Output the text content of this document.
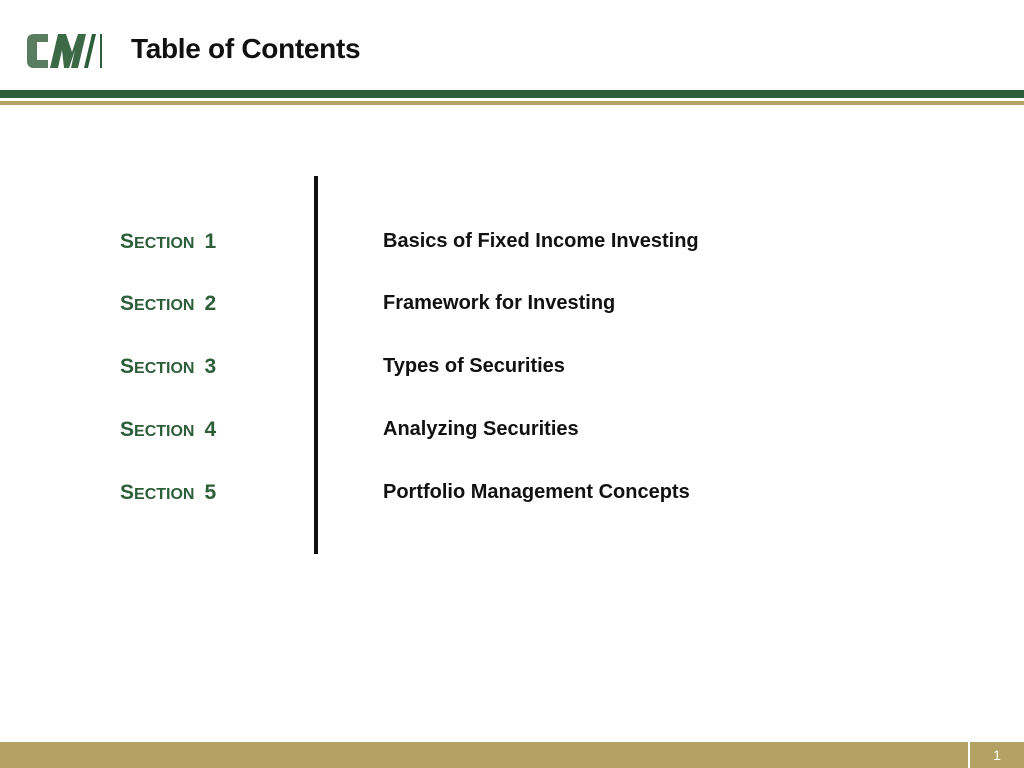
Table of Contents
SECTION 1	Basics of Fixed Income Investing
SECTION 2	Framework for Investing
SECTION 3	Types of Securities
SECTION 4	Analyzing Securities
SECTION 5	Portfolio Management Concepts
1
